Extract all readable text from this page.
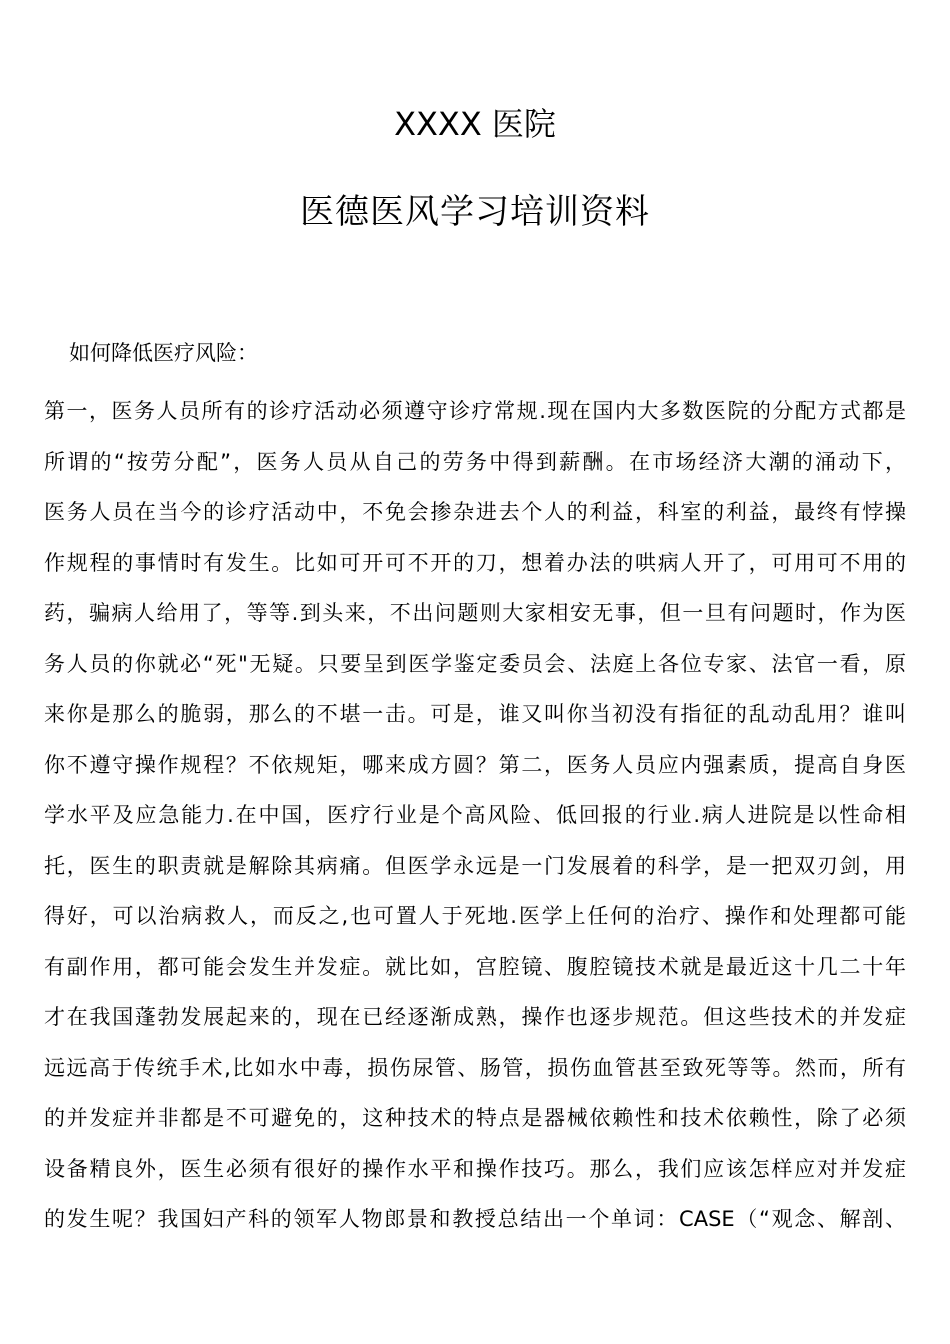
XXXX 医院
医德医风学习培训资料
如何降低医疗风险：
第一，医务人员所有的诊疗活动必须遵守诊疗常规.现在国内大多数医院的分配方式都是
所谓的“按劳分配”，医务人员从自己的劳务中得到薪酬。在市场经济大潮的涌动下，
医务人员在当今的诊疗活动中，不免会掺杂进去个人的利益，科室的利益，最终有悖操
作规程的事情时有发生。比如可开可不开的刀，想着办法的哄病人开了，可用可不用的
药，骗病人给用了，等等.到头来，不出问题则大家相安无事，但一旦有问题时，作为医
务人员的你就必“死"无疑。只要呈到医学鉴定委员会、法庭上各位专家、法官一看，原
来你是那么的脆弱，那么的不堪一击。可是，谁又叫你当初没有指征的乱动乱用？谁叫
你不遵守操作规程？不依规矩，哪来成方圆？第二，医务人员应内强素质，提高自身医
学水平及应急能力.在中国，医疗行业是个高风险、低回报的行业.病人进院是以性命相
托，医生的职责就是解除其病痛。但医学永远是一门发展着的科学，是一把双刃剑，用
得好，可以治病救人，而反之,也可置人于死地.医学上任何的治疗、操作和处理都可能
有副作用，都可能会发生并发症。就比如，宫腔镜、腹腔镜技术就是最近这十几二十年
才在我国蓬勃发展起来的，现在已经逐渐成熟，操作也逐步规范。但这些技术的并发症
远远高于传统手术,比如水中毒，损伤尿管、肠管，损伤血管甚至致死等等。然而，所有
的并发症并非都是不可避免的，这种技术的特点是器械依赖性和技术依赖性，除了必须
设备精良外，医生必须有很好的操作水平和操作技巧。那么，我们应该怎样应对并发症
的发生呢？我国妇产科的领军人物郎景和教授总结出一个单词：CASE（“观念、解剖、
